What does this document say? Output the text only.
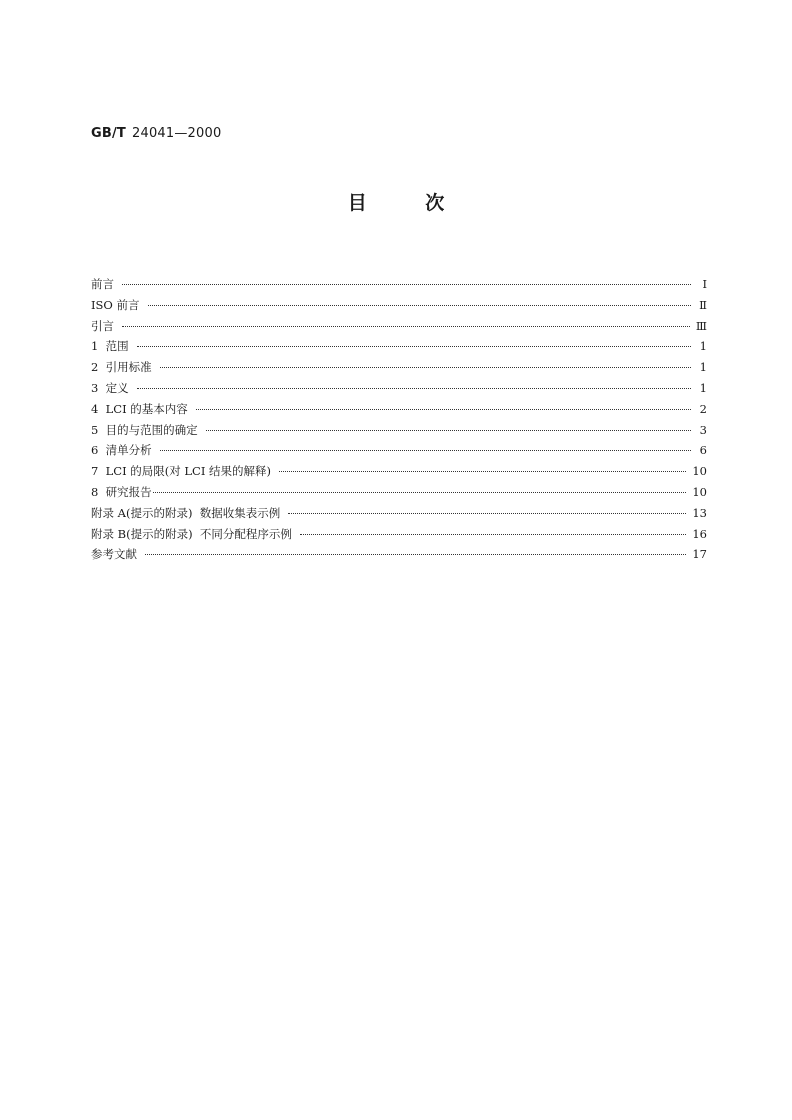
GB/T 24041—2000
目 次
前言	I
ISO 前言	Ⅱ
引言	Ⅲ
1  范围	1
2  引用标准	1
3  定义	1
4  LCI 的基本内容	2
5  目的与范围的确定	3
6  清单分析	6
7  LCI 的局限(对 LCI 结果的解释)	10
8  研究报告	10
附录 A(提示的附录)  数据收集表示例	13
附录 B(提示的附录)  不同分配程序示例	16
参考文献	17
